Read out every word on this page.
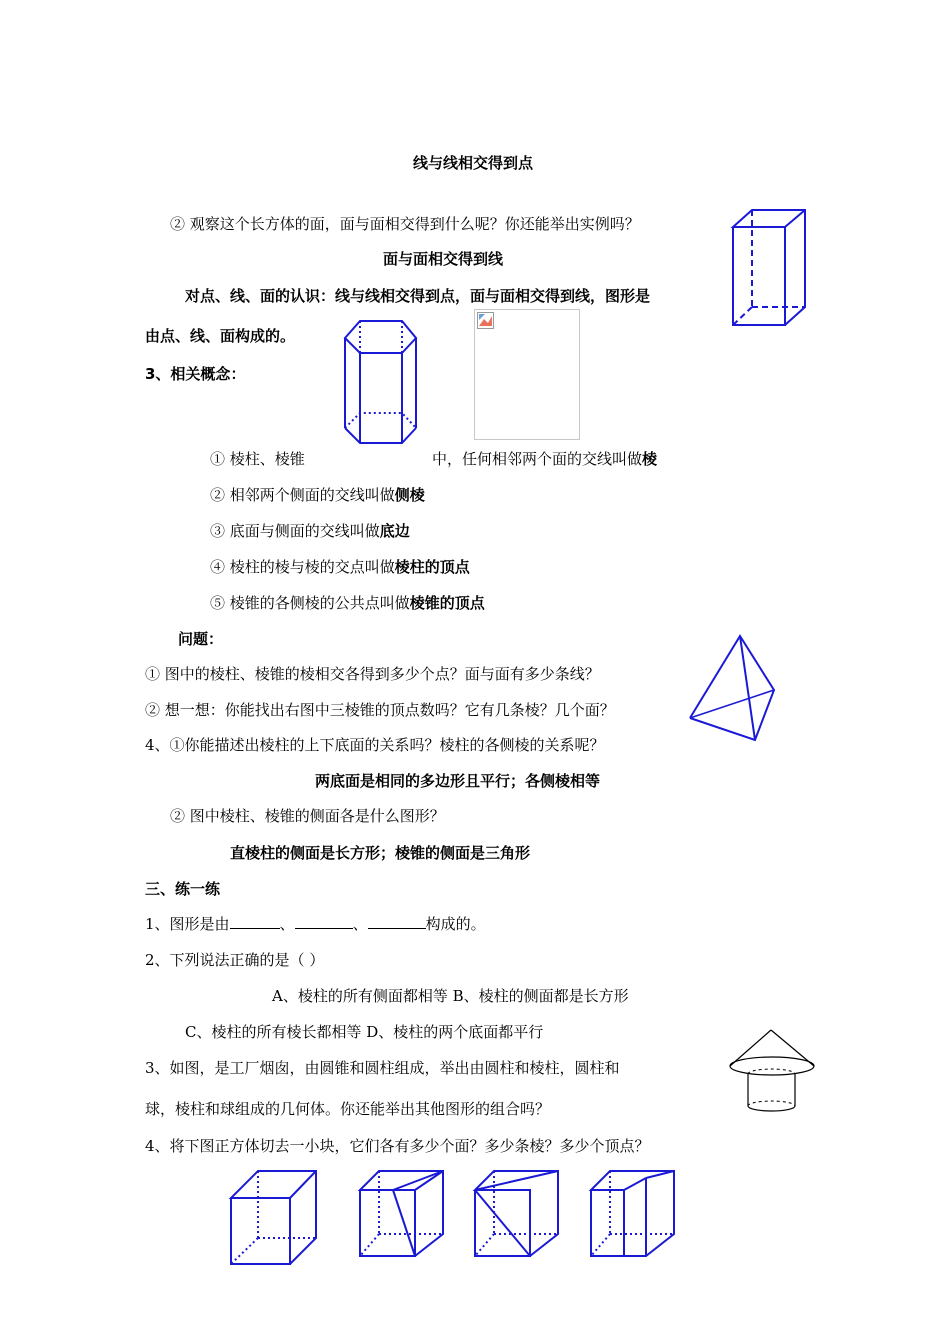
线与线相交得到点
② 观察这个长方体的面，面与面相交得到什么呢？你还能举出实例吗？
面与面相交得到线
对点、线、面的认识：线与线相交得到点，面与面相交得到线，图形是
由点、线、面构成的。
3、相关概念：
① 棱柱、棱锥	中，任何相邻两个面的交线叫做棱
② 相邻两个侧面的交线叫做侧棱
③ 底面与侧面的交线叫做底边
④ 棱柱的棱与棱的交点叫做棱柱的顶点
⑤ 棱锥的各侧棱的公共点叫做棱锥的顶点
问题：
① 图中的棱柱、棱锥的棱相交各得到多少个点？面与面有多少条线？
② 想一想：你能找出右图中三棱锥的顶点数吗？它有几条棱？几个面？
4、①你能描述出棱柱的上下底面的关系吗？棱柱的各侧棱的关系呢？
两底面是相同的多边形且平行；各侧棱相等
② 图中棱柱、棱锥的侧面各是什么图形？
直棱柱的侧面是长方形；棱锥的侧面是三角形
三、练一练
1、图形是由	、	、	构成的。
2、下列说法正确的是（ ）
A、棱柱的所有侧面都相等 B、棱柱的侧面都是长方形
C、棱柱的所有棱长都相等 D、棱柱的两个底面都平行
3、如图，是工厂烟囱，由圆锥和圆柱组成，举出由圆柱和棱柱，圆柱和
球，棱柱和球组成的几何体。你还能举出其他图形的组合吗？
4、将下图正方体切去一小块，它们各有多少个面？多少条棱？多少个顶点？
